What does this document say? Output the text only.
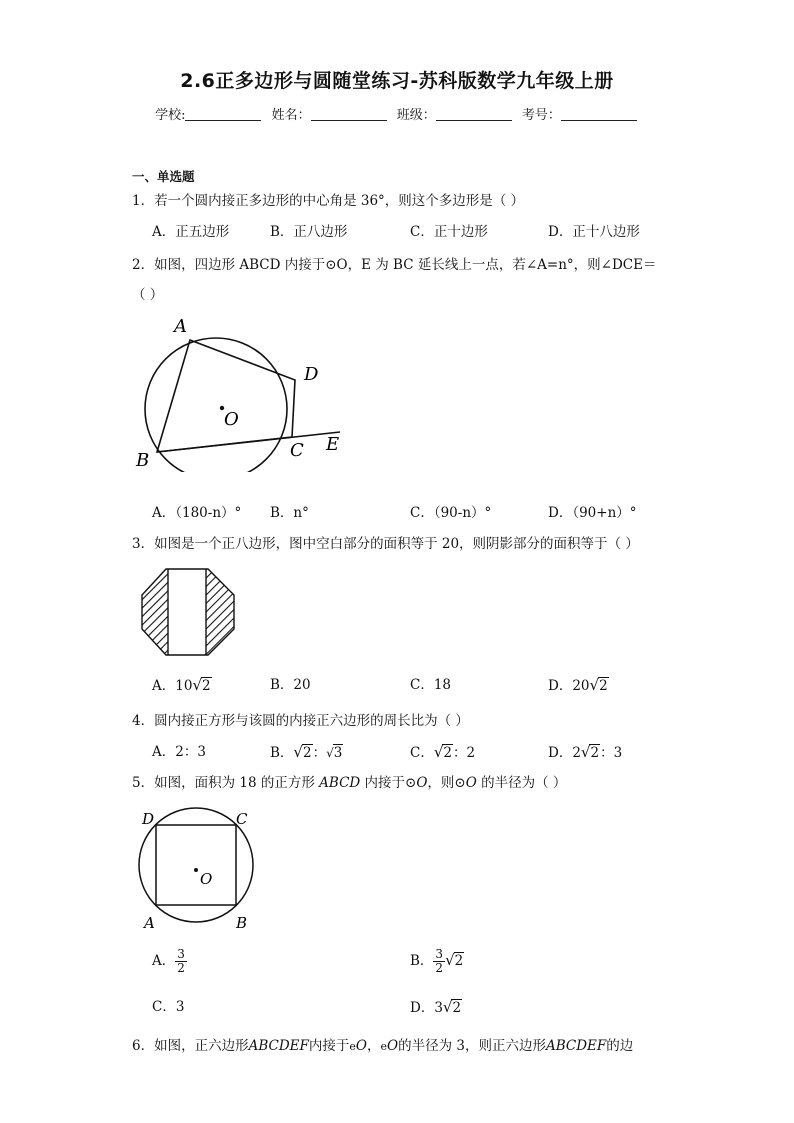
2.6正多边形与圆随堂练习-苏科版数学九年级上册
学校:	姓名：	班级：	考号：
一、单选题
1．若一个圆内接正多边形的中心角是 36°，则这个多边形是（ ）
A．正五边形	B．正八边形	C．正十边形	D．正十八边形
2．如图，四边形 ABCD 内接于⊙O，E 为 BC 延长线上一点，若∠A=n°，则∠DCE＝
（ ）
A
D
O
E
B	C
A．（180-n）° B．n°	C．（90-n）°	D．（90+n）°
3．如图是一个正八边形，图中空白部分的面积等于 20，则阴影部分的面积等于（ ）
A．10√2	B．20	C．18	D．20√2
4．圆内接正方形与该圆的内接正六边形的周长比为（ ）
A．2：3	B．√2：√3	C．√2：2	D．2√2：3
5．如图，面积为 18 的正方形 ABCD 内接于⊙O，则⊙O 的半径为（ ）
D	C
O
A	B
A． $\frac{3}{2}$	B． $\frac{3}{2} √2$
C．3	D．3√2
6．如图，正六边形ABCDEF内接于eO，eO的半径为 3，则正六边形ABCDEF的边
